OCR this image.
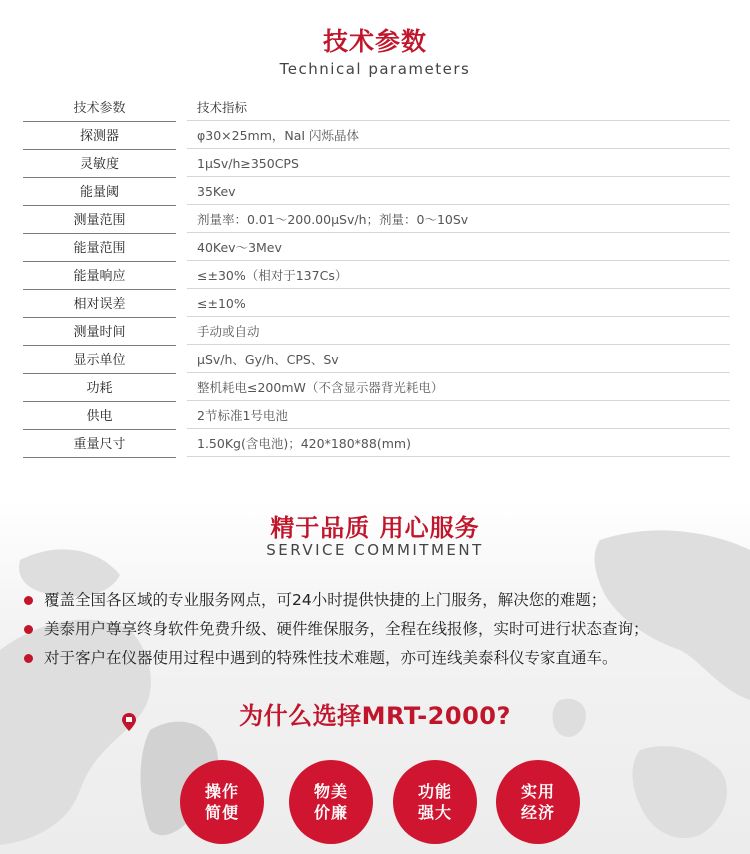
技术参数
Technical parameters
技术参数	技术指标
探测器	φ30×25mm，NaI 闪烁晶体
灵敏度	1μSv/h≥350CPS
能量阈	35Kev
测量范围	剂量率：0.01～200.00μSv/h；剂量：0～10Sv
能量范围	40Kev～3Mev
能量响应	≤±30%（相对于137Cs）
相对误差	≤±10%
测量时间	手动或自动
显示单位	μSv/h、Gy/h、CPS、Sv
功耗	整机耗电≤200mW（不含显示器背光耗电）
供电	2节标准1号电池
重量尺寸	1.50Kg(含电池)；420*180*88(mm)
精于品质 用心服务
SERVICE COMMITMENT
覆盖全国各区域的专业服务网点，可24小时提供快捷的上门服务，解决您的难题；
美泰用户尊享终身软件免费升级、硬件维保服务，全程在线报修，实时可进行状态查询；
对于客户在仪器使用过程中遇到的特殊性技术难题，亦可连线美泰科仪专家直通车。
为什么选择MRT-2000?
操作
简便
物美
价廉
功能
强大
实用
经济
